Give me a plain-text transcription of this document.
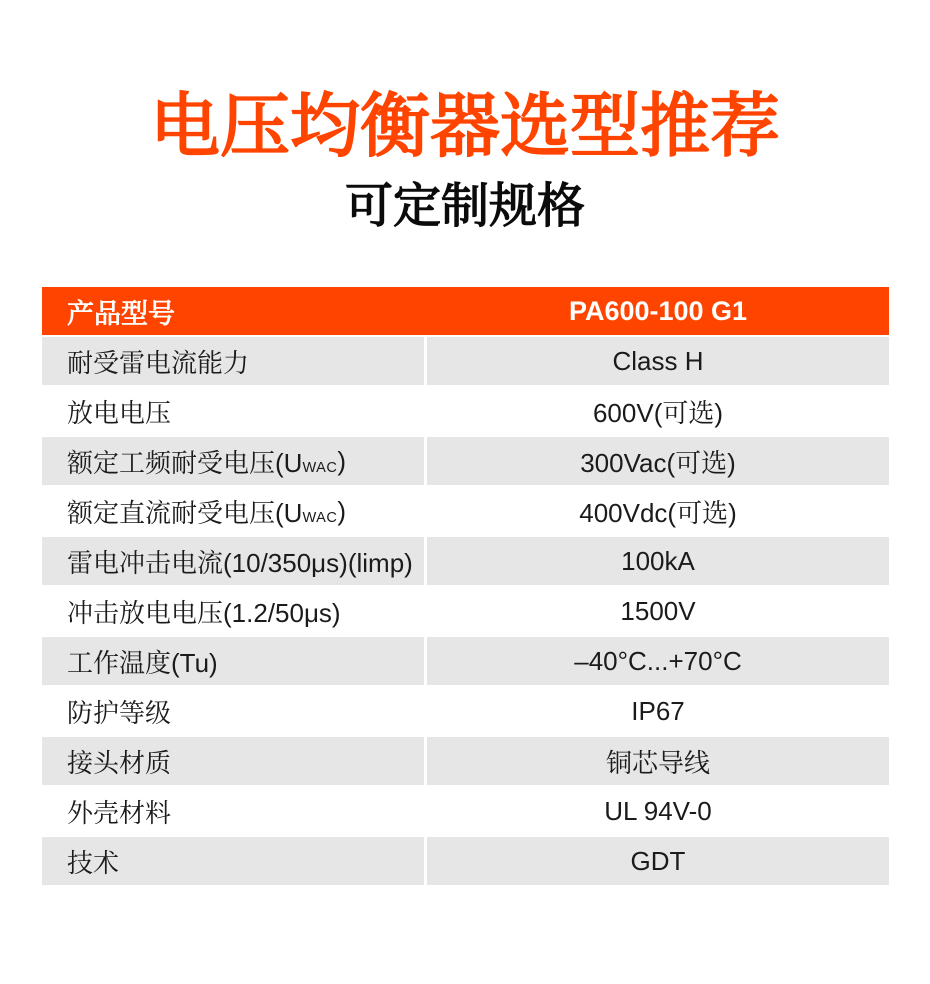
电压均衡器选型推荐
可定制规格
产品型号	PA600-100 G1
耐受雷电流能力	Class H
放电电压	600V(可选)
额定工频耐受电压(U WAC )	300Vac(可选)
额定直流耐受电压(U WAC )	400Vdc(可选)
雷电冲击电流(10/350μs)(limp)	100kA
冲击放电电压(1.2/50μs)	1500V
工作温度(Tu)	–40°C...+70°C
防护等级	IP67
接头材质	铜芯导线
外壳材料	UL 94V-0
技术	GDT
